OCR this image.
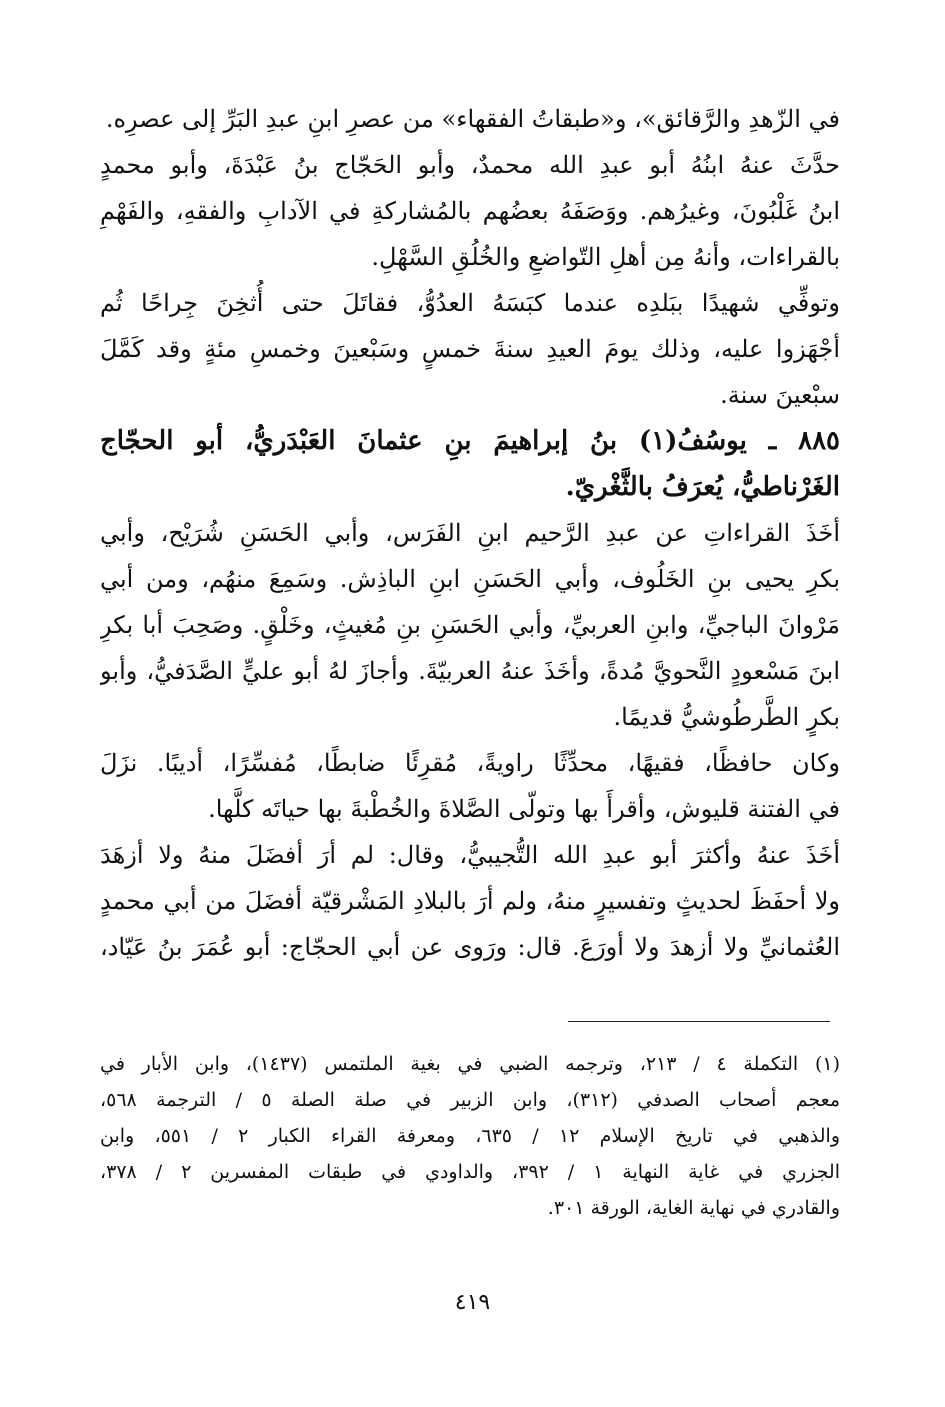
في الزّهدِ والرَّقائق»، و«طبقاتُ الفقهاء» من عصرِ ابنِ عبدِ البَرِّ إلى عصرِه.
حدَّثَ عنهُ ابنُهُ أبو عبدِ الله محمدٌ، وأبو الحَجّاج بنُ عَبْدَةَ، وأبو محمدٍ
ابنُ غَلْبُونَ، وغيرُهم. ووَصَفَهُ بعضُهم بالمُشاركةِ في الآدابِ والفقهِ، والفَهْمِ
بالقراءات، وأنهُ مِن أهلِ التّواضعِ والخُلُقِ السَّهْلِ.
وتوفِّي شهيدًا ببَلدِه عندما كبَسَهُ العدُوُّ، فقاتَلَ حتى أُثخِنَ جِراحًا ثُم
أجْهَزوا عليه، وذلك يومَ العيدِ سنةَ خمسٍ وسَبْعينَ وخمسِ مئةٍ وقد كَمَّلَ
سبْعينَ سنة.
٨٨٥ ـ يوسُفُ(١) بنُ إبراهيمَ بنِ عثمانَ العَبْدَريُّ، أبو الحجّاج
الغَرْناطيُّ، يُعرَفُ بالثَّغْريّ.
أخَذَ القراءاتِ عن عبدِ الرَّحيم ابنِ الفَرَس، وأبي الحَسَنِ شُرَيْح، وأبي
بكرِ يحيى بنِ الخَلُوف، وأبي الحَسَنِ ابنِ الباذِش. وسَمِعَ منهُم، ومن أبي
مَرْوانَ الباجيِّ، وابنِ العربيِّ، وأبي الحَسَنِ بنِ مُغيثٍ، وخَلْقٍ. وصَحِبَ أبا بكرِ
ابنَ مَسْعودٍ النَّحويَّ مُدةً، وأخَذَ عنهُ العربيّةَ. وأجازَ لهُ أبو عليٍّ الصَّدَفيُّ، وأبو
بكرٍ الطَّرطُوشيُّ قديمًا.
وكان حافظًا، فقيهًا، محدِّثًا راويةً، مُقرِئًا ضابطًا، مُفسِّرًا، أديبًا. نزَلَ
في الفتنة قليوش، وأقرأَ بها وتولّى الصَّلاةَ والخُطْبةَ بها حياتَه كلَّها.
أخَذَ عنهُ وأكثرَ أبو عبدِ الله التُّجيبيُّ، وقال: لم أرَ أفضَلَ منهُ ولا أزهَدَ
ولا أحفَظَ لحديثٍ وتفسيرٍ منهُ، ولم أرَ بالبلادِ المَشْرقيّة أفضَلَ من أبي محمدٍ
العُثمانيِّ ولا أزهدَ ولا أورَعَ. قال: ورَوى عن أبي الحجّاج: أبو عُمَرَ بنُ عَيّاد،
(١) التكملة ٤ / ٢١٣، وترجمه الضبي في بغية الملتمس (١٤٣٧)، وابن الأبار في
معجم أصحاب الصدفي (٣١٢)، وابن الزبير في صلة الصلة ٥ / الترجمة ٥٦٨،
والذهبي في تاريخ الإسلام ١٢ / ٦٣٥، ومعرفة القراء الكبار ٢ / ٥٥١، وابن
الجزري في غاية النهاية ١ / ٣٩٢، والداودي في طبقات المفسرين ٢ / ٣٧٨،
والقادري في نهاية الغاية، الورقة ٣٠١.
٤١٩
